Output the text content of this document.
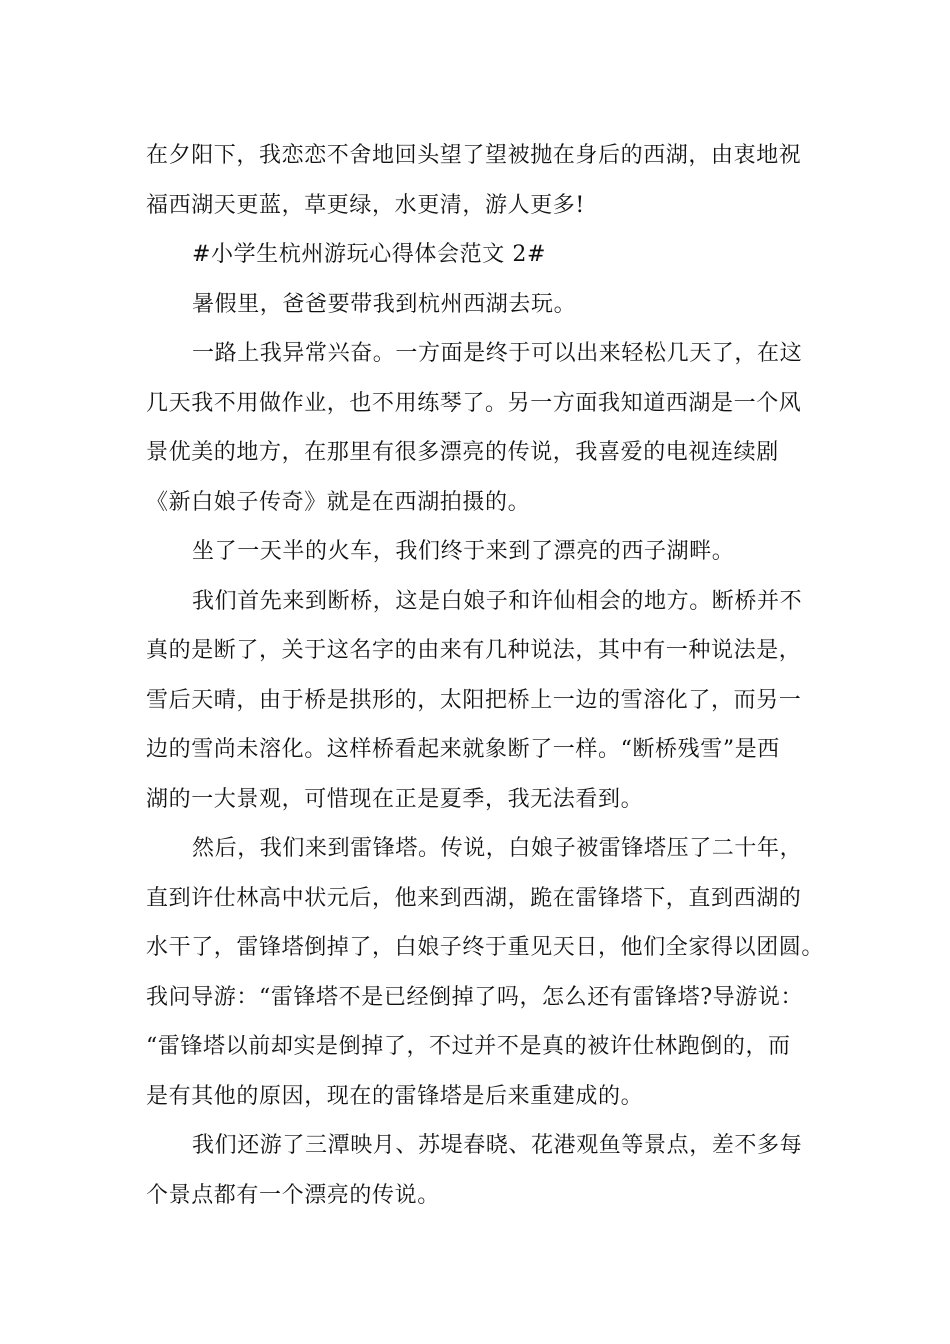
在夕阳下，我恋恋不舍地回头望了望被抛在身后的西湖，由衷地祝

福西湖天更蓝，草更绿，水更清，游人更多!

#小学生杭州游玩心得体会范文 2#

暑假里，爸爸要带我到杭州西湖去玩。

一路上我异常兴奋。一方面是终于可以出来轻松几天了，在这

几天我不用做作业，也不用练琴了。另一方面我知道西湖是一个风

景优美的地方，在那里有很多漂亮的传说，我喜爱的电视连续剧

《新白娘子传奇》就是在西湖拍摄的。

坐了一天半的火车，我们终于来到了漂亮的西子湖畔。

我们首先来到断桥，这是白娘子和许仙相会的地方。断桥并不

真的是断了，关于这名字的由来有几种说法，其中有一种说法是，

雪后天晴，由于桥是拱形的，太阳把桥上一边的雪溶化了，而另一

边的雪尚未溶化。这样桥看起来就象断了一样。“断桥残雪”是西

湖的一大景观，可惜现在正是夏季，我无法看到。

然后，我们来到雷锋塔。传说，白娘子被雷锋塔压了二十年，

直到许仕林高中状元后，他来到西湖，跪在雷锋塔下，直到西湖的

水干了，雷锋塔倒掉了，白娘子终于重见天日，他们全家得以团圆。

我问导游：“雷锋塔不是已经倒掉了吗，怎么还有雷锋塔?导游说：

“雷锋塔以前却实是倒掉了，不过并不是真的被许仕林跑倒的，而

是有其他的原因，现在的雷锋塔是后来重建成的。

我们还游了三潭映月、苏堤春晓、花港观鱼等景点，差不多每

个景点都有一个漂亮的传说。
